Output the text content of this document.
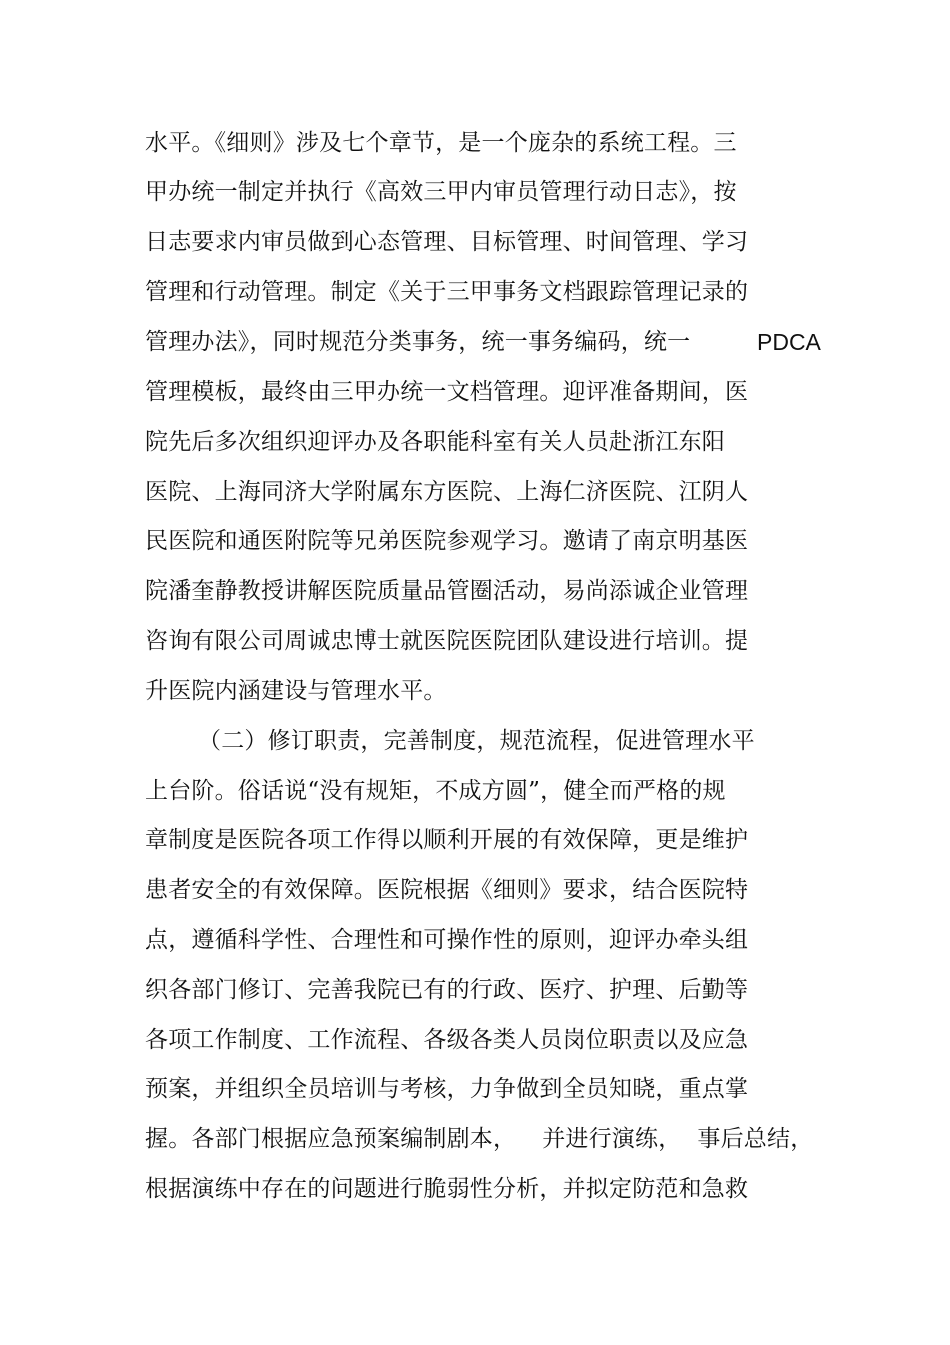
水平。《细则》涉及七个章节，是一个庞杂的系统工程。三
甲办统一制定并执行《高效三甲内审员管理行动日志》，按
日志要求内审员做到心态管理、目标管理、时间管理、学习
管理和行动管理。制定《关于三甲事务文档跟踪管理记录的
管理办法》，同时规范分类事务，统一事务编码，统一	PDCA
管理模板，最终由三甲办统一文档管理。迎评准备期间，医
院先后多次组织迎评办及各职能科室有关人员赴浙江东阳
医院、上海同济大学附属东方医院、上海仁济医院、江阴人
民医院和通医附院等兄弟医院参观学习。邀请了南京明基医
院潘奎静教授讲解医院质量品管圈活动，易尚添诚企业管理
咨询有限公司周诚忠博士就医院医院团队建设进行培训。提
升医院内涵建设与管理水平。
（二）修订职责，完善制度，规范流程，促进管理水平
上台阶。俗话说“没有规矩，不成方圆”，健全而严格的规
章制度是医院各项工作得以顺利开展的有效保障，更是维护
患者安全的有效保障。医院根据《细则》要求，结合医院特
点，遵循科学性、合理性和可操作性的原则，迎评办牵头组
织各部门修订、完善我院已有的行政、医疗、护理、后勤等
各项工作制度、工作流程、各级各类人员岗位职责以及应急
预案，并组织全员培训与考核，力争做到全员知晓，重点掌
握。各部门根据应急预案编制剧本， 并进行演练， 事后总结，
根据演练中存在的问题进行脆弱性分析，并拟定防范和急救
